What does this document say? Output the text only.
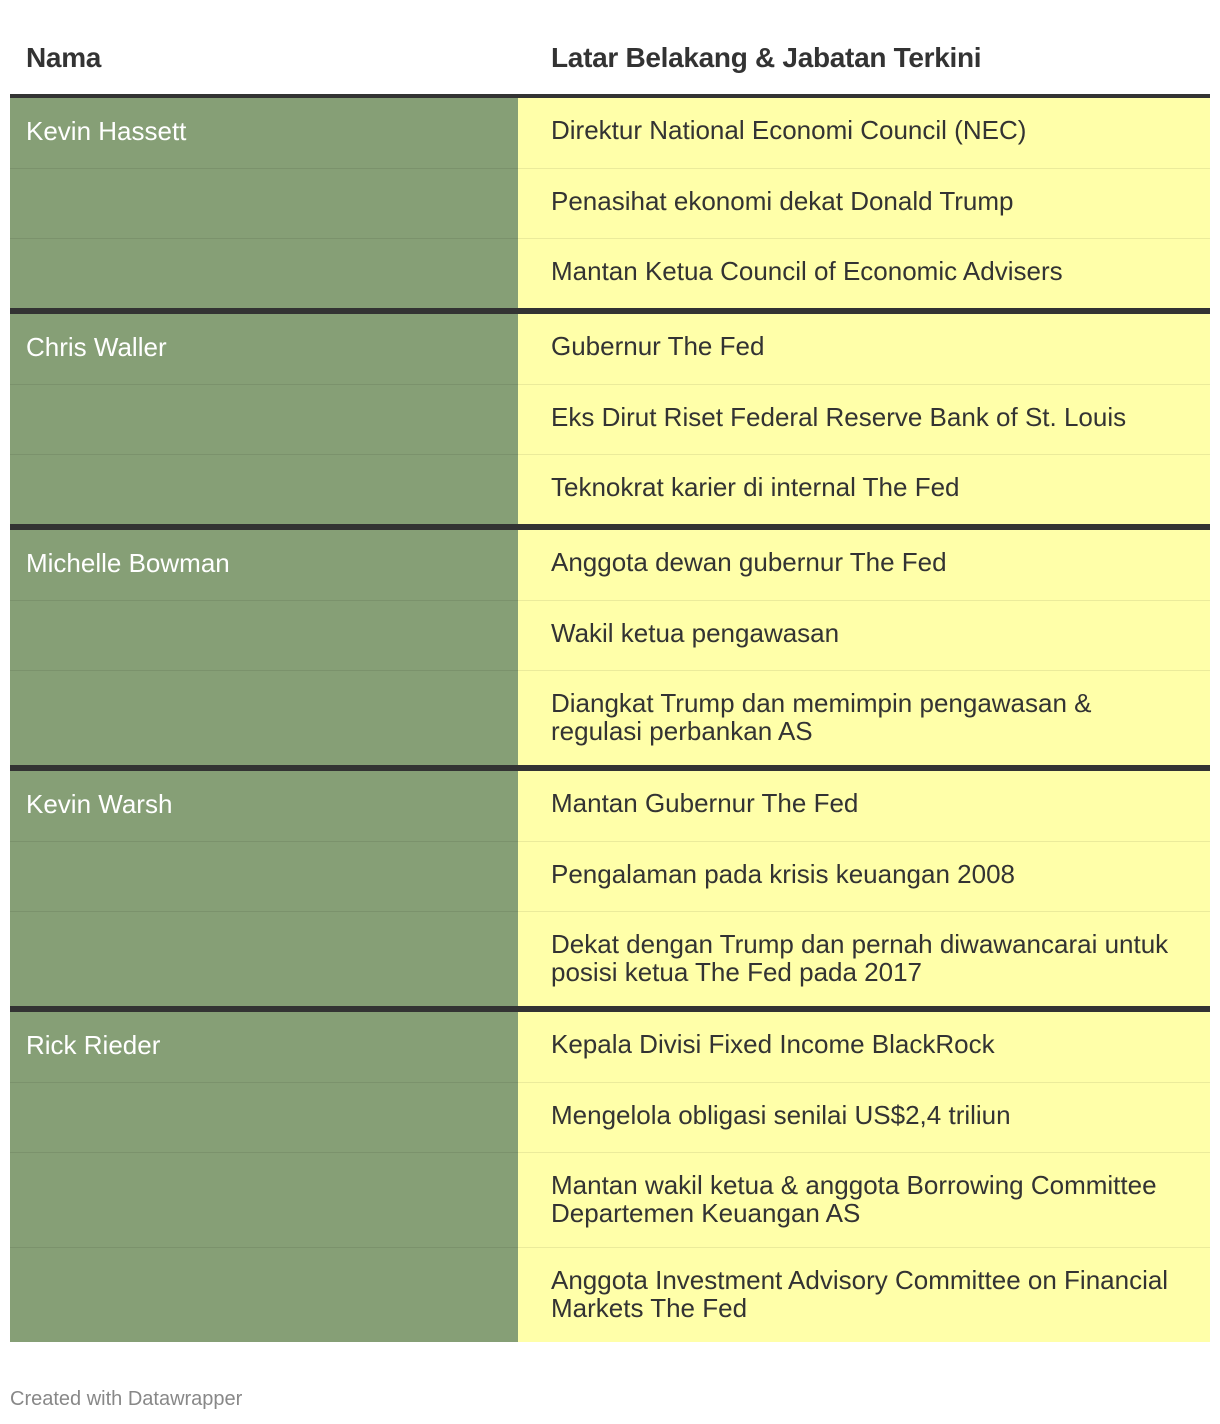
Nama	Latar Belakang & Jabatan Terkini
Kevin Hassett	Direktur National Economi Council (NEC)
Penasihat ekonomi dekat Donald Trump
Mantan Ketua Council of Economic Advisers
Chris Waller	Gubernur The Fed
Eks Dirut Riset Federal Reserve Bank of St. Louis
Teknokrat karier di internal The Fed
Michelle Bowman	Anggota dewan gubernur The Fed
Wakil ketua pengawasan
Diangkat Trump dan memimpin pengawasan & regulasi perbankan AS
Kevin Warsh	Mantan Gubernur The Fed
Pengalaman pada krisis keuangan 2008
Dekat dengan Trump dan pernah diwawancarai untuk posisi ketua The Fed pada 2017
Rick Rieder	Kepala Divisi Fixed Income BlackRock
Mengelola obligasi senilai US$2,4 triliun
Mantan wakil ketua & anggota Borrowing Committee Departemen Keuangan AS
Anggota Investment Advisory Committee on Financial Markets The Fed
Created with Datawrapper
